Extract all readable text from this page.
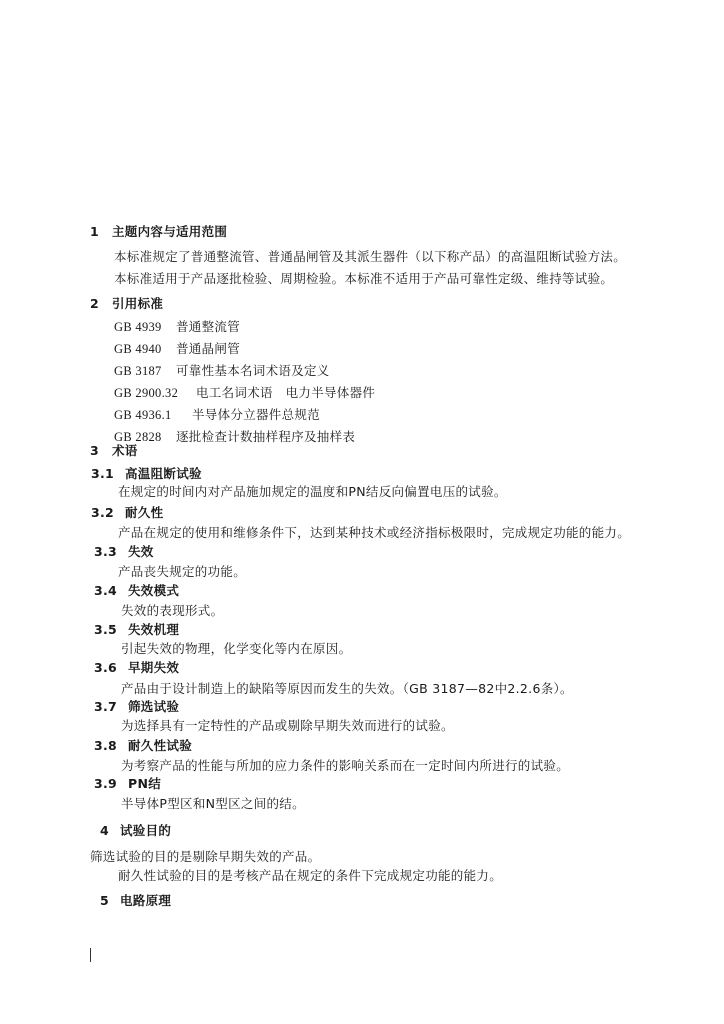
1 主题内容与适用范围
本标准规定了普通整流管、普通晶闸管及其派生器件（以下称产品）的高温阻断试验方法。
本标准适用于产品逐批检验、周期检验。本标准不适用于产品可靠性定级、维持等试验。
2 引用标准
GB 4939 普通整流管
GB 4940 普通晶闸管
GB 3187 可靠性基本名词术语及定义
GB 2900.32 电工名词术语　电力半导体器件
GB 4936.1 半导体分立器件总规范
GB 2828 逐批检查计数抽样程序及抽样表
3 术语
3.1 高温阻断试验
在规定的时间内对产品施加规定的温度和PN结反向偏置电压的试验。
3.2 耐久性
产品在规定的使用和维修条件下，达到某种技术或经济指标极限时，完成规定功能的能力。
3.3 失效
产品丧失规定的功能。
3.4 失效模式
失效的表现形式。
3.5 失效机理
引起失效的物理，化学变化等内在原因。
3.6 早期失效
产品由于设计制造上的缺陷等原因而发生的失效。（GB 3187—82中2.2.6条）。
3.7 筛选试验
为选择具有一定特性的产品或剔除早期失效而进行的试验。
3.8 耐久性试验
为考察产品的性能与所加的应力条件的影响关系而在一定时间内所进行的试验。
3.9 PN结
半导体P型区和N型区之间的结。
4 试验目的
筛选试验的目的是剔除早期失效的产品。
耐久性试验的目的是考核产品在规定的条件下完成规定功能的能力。
5 电路原理
